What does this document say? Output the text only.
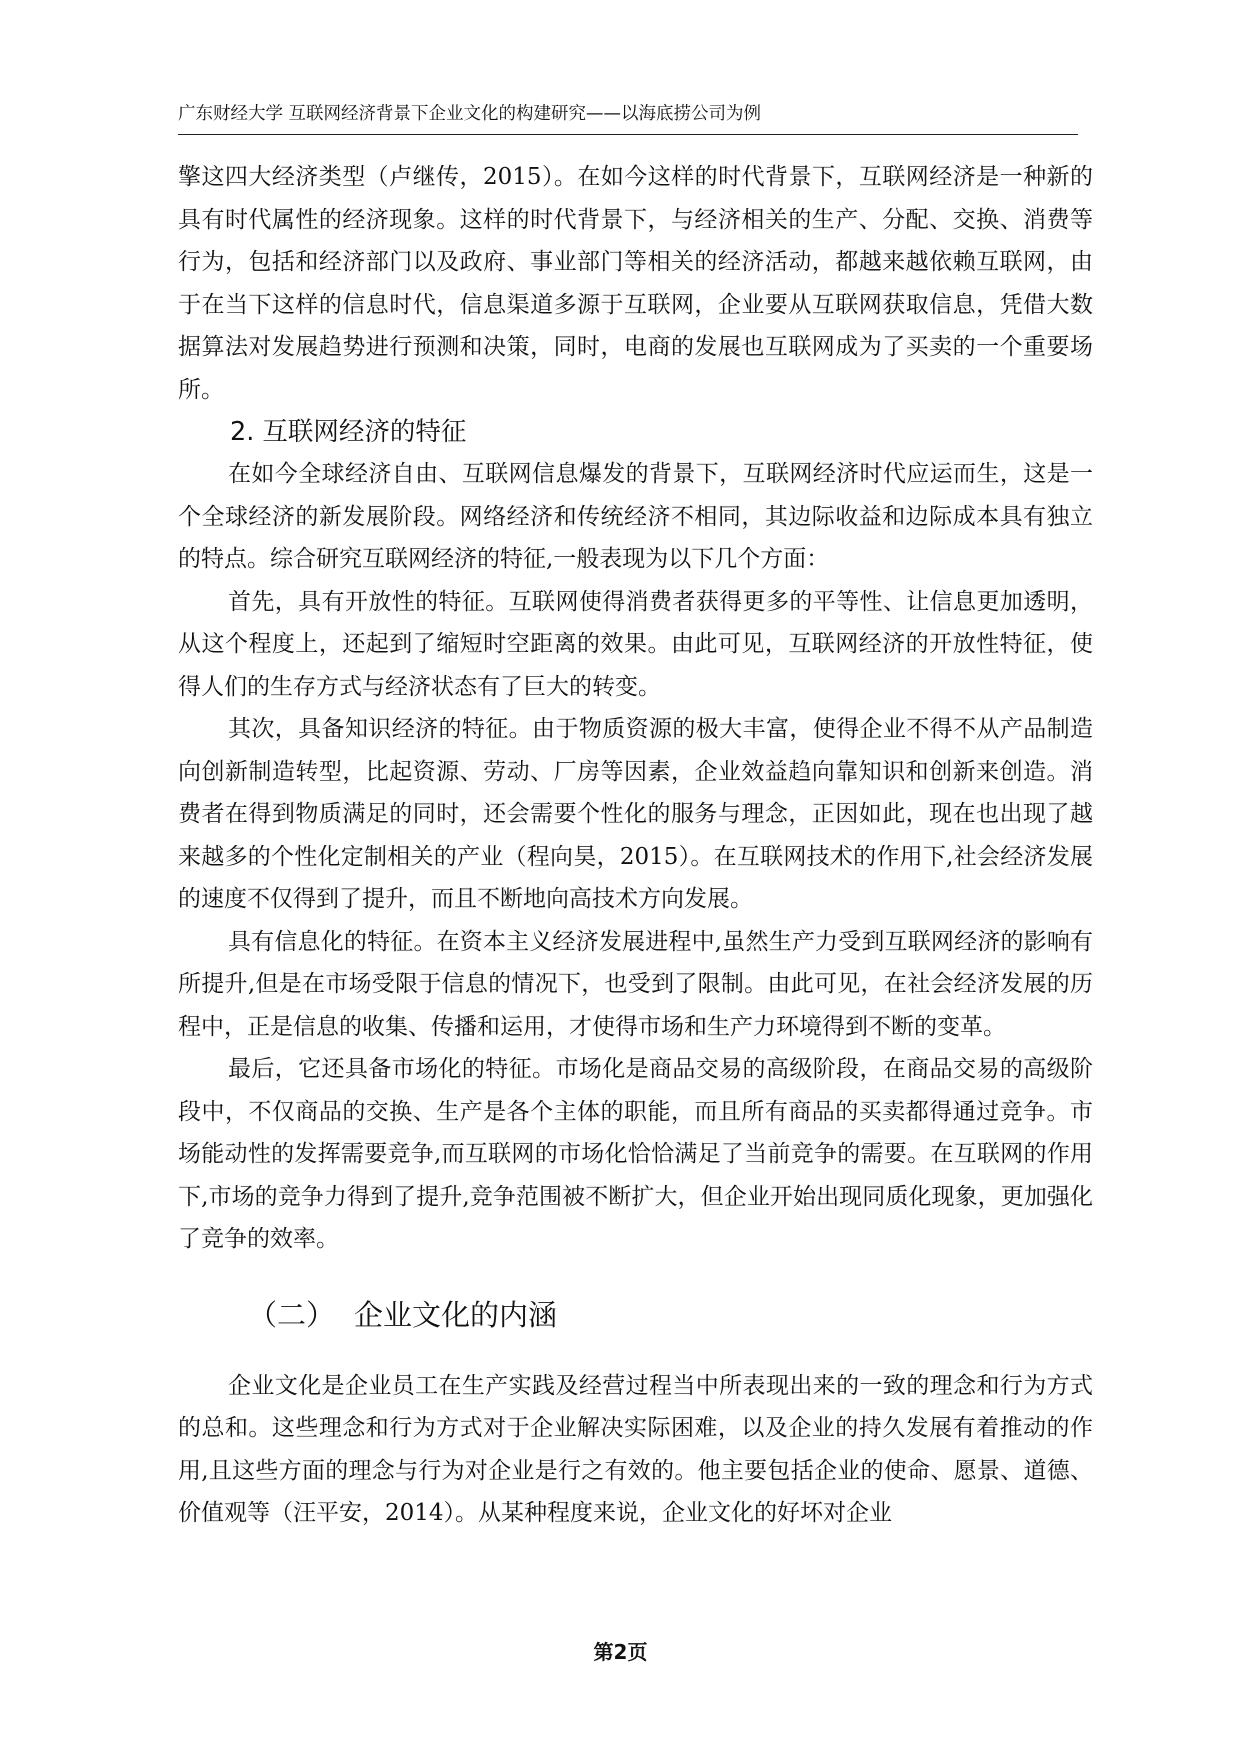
广东财经大学 互联网经济背景下企业文化的构建研究——以海底捞公司为例

擎这四大经济类型（卢继传，2015）。在如今这样的时代背景下，互联网经济是一种新的具有时代属性的经济现象。这样的时代背景下，与经济相关的生产、分配、交换、消费等行为，包括和经济部门以及政府、事业部门等相关的经济活动，都越来越依赖互联网，由于在当下这样的信息时代，信息渠道多源于互联网，企业要从互联网获取信息，凭借大数据算法对发展趋势进行预测和决策，同时，电商的发展也互联网成为了买卖的一个重要场所。

2. 互联网经济的特征

在如今全球经济自由、互联网信息爆发的背景下，互联网经济时代应运而生，这是一个全球经济的新发展阶段。网络经济和传统经济不相同，其边际收益和边际成本具有独立的特点。综合研究互联网经济的特征,一般表现为以下几个方面：

首先，具有开放性的特征。互联网使得消费者获得更多的平等性、让信息更加透明，从这个程度上，还起到了缩短时空距离的效果。由此可见，互联网经济的开放性特征，使得人们的生存方式与经济状态有了巨大的转变。

其次，具备知识经济的特征。由于物质资源的极大丰富，使得企业不得不从产品制造向创新制造转型，比起资源、劳动、厂房等因素，企业效益趋向靠知识和创新来创造。消费者在得到物质满足的同时，还会需要个性化的服务与理念，正因如此，现在也出现了越来越多的个性化定制相关的产业（程向昊，2015）。在互联网技术的作用下,社会经济发展的速度不仅得到了提升，而且不断地向高技术方向发展。

具有信息化的特征。在资本主义经济发展进程中,虽然生产力受到互联网经济的影响有所提升,但是在市场受限于信息的情况下，也受到了限制。由此可见，在社会经济发展的历程中，正是信息的收集、传播和运用，才使得市场和生产力环境得到不断的变革。

最后，它还具备市场化的特征。市场化是商品交易的高级阶段，在商品交易的高级阶段中，不仅商品的交换、生产是各个主体的职能，而且所有商品的买卖都得通过竞争。市场能动性的发挥需要竞争,而互联网的市场化恰恰满足了当前竞争的需要。在互联网的作用下,市场的竞争力得到了提升,竞争范围被不断扩大，但企业开始出现同质化现象，更加强化了竞争的效率。

（二） 企业文化的内涵

企业文化是企业员工在生产实践及经营过程当中所表现出来的一致的理念和行为方式的总和。这些理念和行为方式对于企业解决实际困难，以及企业的持久发展有着推动的作用,且这些方面的理念与行为对企业是行之有效的。他主要包括企业的使命、愿景、道德、价值观等（汪平安，2014）。从某种程度来说，企业文化的好坏对企业

第2页
